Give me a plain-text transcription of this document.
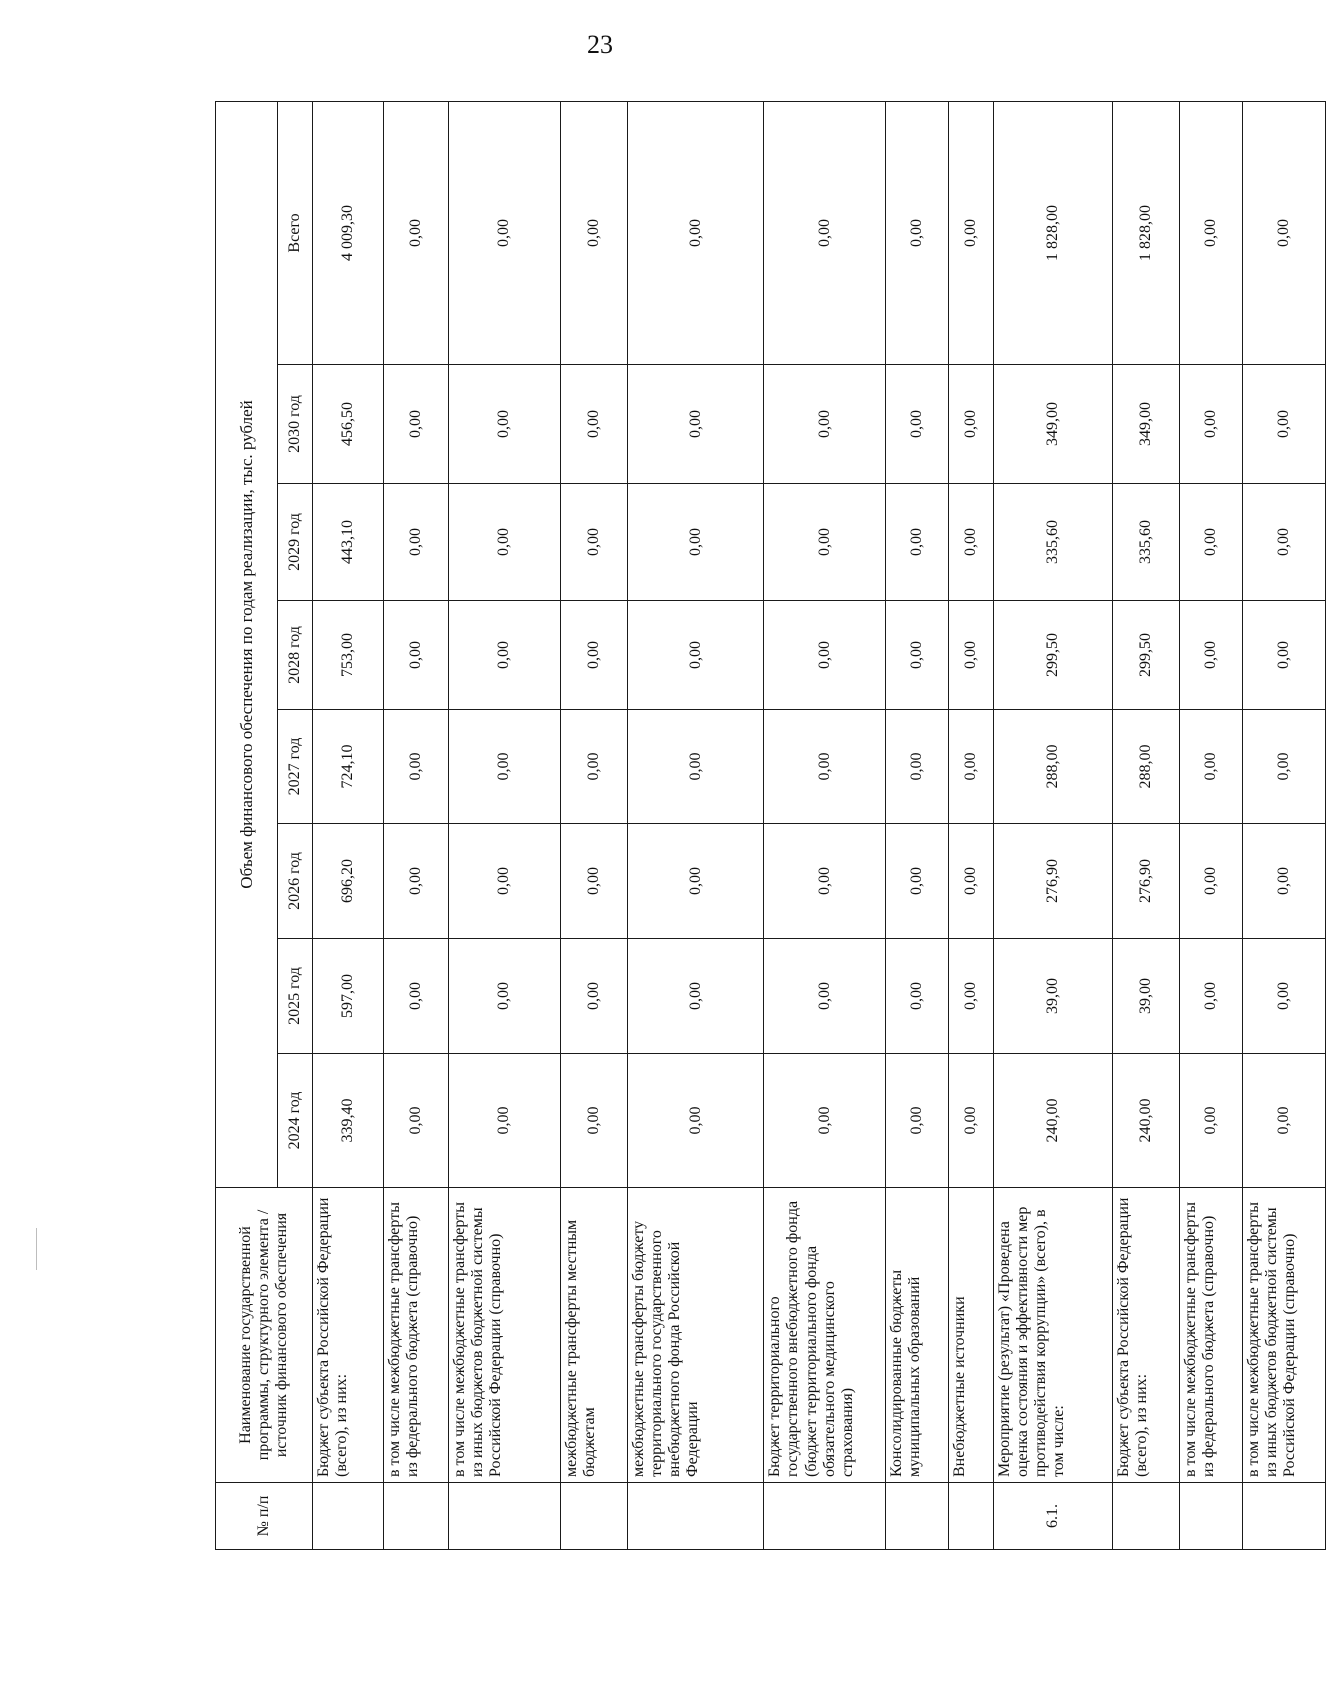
23
№ п/п	Наименование государственной программы, структурного элемента / источник финансового обеспечения	Объем финансового обеспечения по годам реализации, тыс. рублей							
		2024 год	2025 год	2026 год	2027 год	2028 год	2029 год	2030 год	Всего
	Бюджет субъекта Российской Федерации (всего), из них:	339,40	597,00	696,20	724,10	753,00	443,10	456,50	4 009,30
	в том числе межбюджетные трансферты из федерального бюджета (справочно)	0,00	0,00	0,00	0,00	0,00	0,00	0,00	0,00
	в том числе межбюджетные трансферты из иных бюджетов бюджетной системы Российской Федерации (справочно)	0,00	0,00	0,00	0,00	0,00	0,00	0,00	0,00
	межбюджетные трансферты местным бюджетам	0,00	0,00	0,00	0,00	0,00	0,00	0,00	0,00
	межбюджетные трансферты бюджету территориального государственного внебюджетного фонда Российской Федерации	0,00	0,00	0,00	0,00	0,00	0,00	0,00	0,00
	Бюджет территориального государственного внебюджетного фонда (бюджет территориального фонда обязательного медицинского страхования)	0,00	0,00	0,00	0,00	0,00	0,00	0,00	0,00
	Консолидированные бюджеты муниципальных образований	0,00	0,00	0,00	0,00	0,00	0,00	0,00	0,00
	Внебюджетные источники	0,00	0,00	0,00	0,00	0,00	0,00	0,00	0,00
6.1.	Мероприятие (результат) «Проведена оценка состояния и эффективности мер противодействия коррупции» (всего), в том числе:	240,00	39,00	276,90	288,00	299,50	335,60	349,00	1 828,00
	Бюджет субъекта Российской Федерации (всего), из них:	240,00	39,00	276,90	288,00	299,50	335,60	349,00	1 828,00
	в том числе межбюджетные трансферты из федерального бюджета (справочно)	0,00	0,00	0,00	0,00	0,00	0,00	0,00	0,00
	в том числе межбюджетные трансферты из иных бюджетов бюджетной системы Российской Федерации (справочно)	0,00	0,00	0,00	0,00	0,00	0,00	0,00	0,00
